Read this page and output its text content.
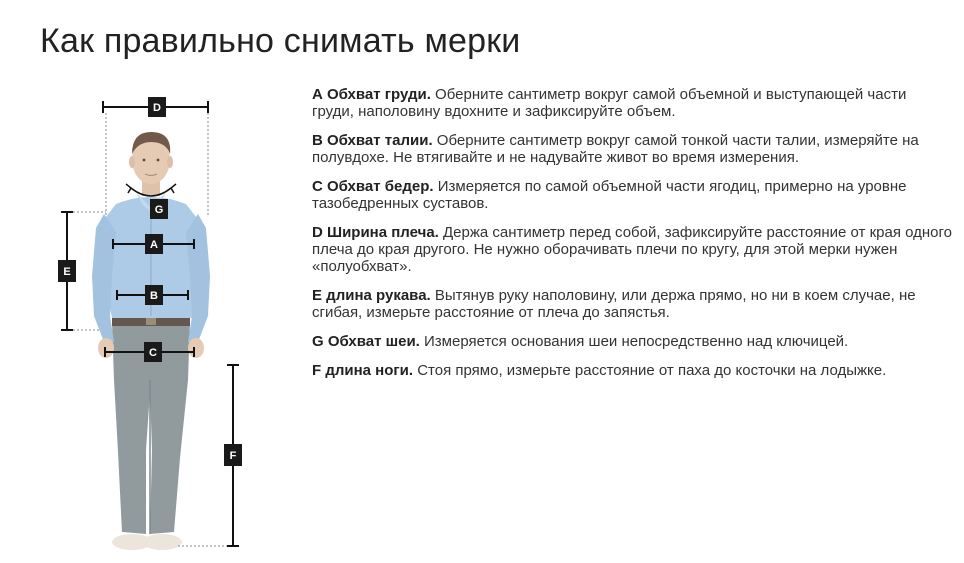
Как правильно снимать мерки
D
G
A
E
B
C
F
А Обхват груди. Оберните сантиметр вокруг самой объемной и выступающей части груди, наполовину вдохните и зафиксируйте объем.
В Обхват талии. Оберните сантиметр вокруг самой тонкой части талии, измеряйте на полувдохе. Не втягивайте и не надувайте живот во время измерения.
С Обхват бедер. Измеряется по самой объемной части ягодиц, примерно на уровне тазобедренных суставов.
D Ширина плеча. Держа сантиметр перед собой, зафиксируйте расстояние от края одного плеча до края другого. Не нужно оборачивать плечи по кругу, для этой мерки нужен «полуобхват».
E длина рукава. Вытянув руку наполовину, или держа прямо, но ни в коем случае, не сгибая, измерьте расстояние от плеча до запястья.
G Обхват шеи. Измеряется основания шеи непосредственно над ключицей.
F длина ноги. Стоя прямо, измерьте расстояние от паха до косточки на лодыжке.
